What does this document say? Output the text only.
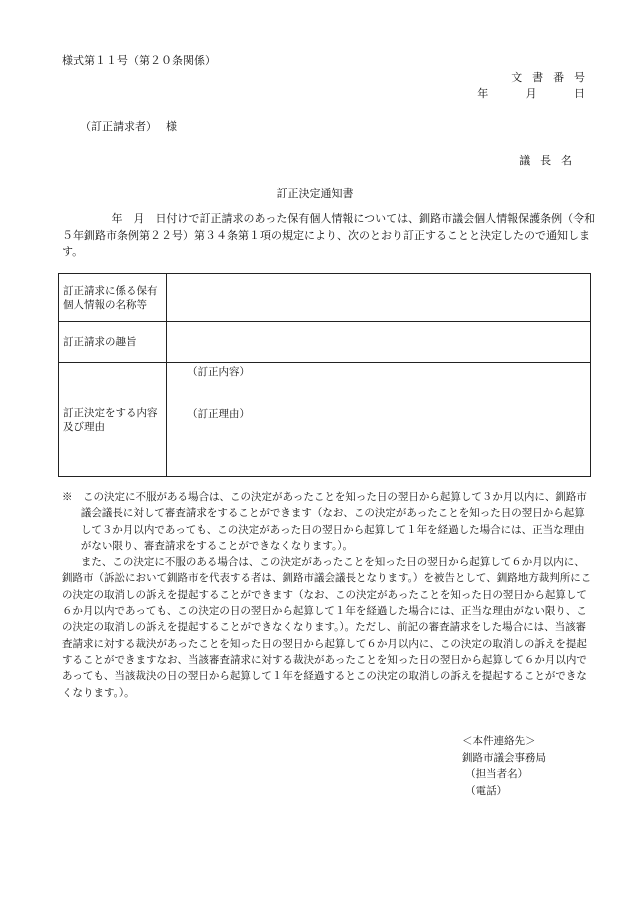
様式第１１号（第２０条関係）
文書番号
年　月　日
（訂正請求者）　 様
議長名
訂正決定通知書
年　月　日付けで訂正請求のあった保有個人情報については、釧路市議会個人情報保護条例（令和５年釧路市条例第２２号）第３４条第１項の規定により、次のとおり訂正することと決定したので通知します。
訂正請求に係る保有個人情報の名称等	
訂正請求の趣旨	
訂正決定をする内容及び理由	（訂正内容）
（訂正理由）
※　この決定に不服がある場合は、この決定があったことを知った日の翌日から起算して３か月以内に、釧路市議会議長に対して審査請求をすることができます（なお、この決定があったことを知った日の翌日から起算して３か月以内であっても、この決定があった日の翌日から起算して１年を経過した場合には、正当な理由がない限り、審査請求をすることができなくなります。）。
また、この決定に不服のある場合は、この決定があったことを知った日の翌日から起算して６か月以内に、釧路市（訴訟において釧路市を代表する者は、釧路市議会議長となります。）を被告として、釧路地方裁判所にこの決定の取消しの訴えを提起することができます（なお、この決定があったことを知った日の翌日から起算して６か月以内であっても、この決定の日の翌日から起算して１年を経過した場合には、正当な理由がない限り、この決定の取消しの訴えを提起することができなくなります。）。ただし、前記の審査請求をした場合には、当該審査請求に対する裁決があったことを知った日の翌日から起算して６か月以内に、この決定の取消しの訴えを提起することができますなお、当該審査請求に対する裁決があったことを知った日の翌日から起算して６か月以内であっても、当該裁決の日の翌日から起算して１年を経過するとこの決定の取消しの訴えを提起することができなくなります。）。
＜本件連絡先＞
釧路市議会事務局
（担当者名）
（電話）
